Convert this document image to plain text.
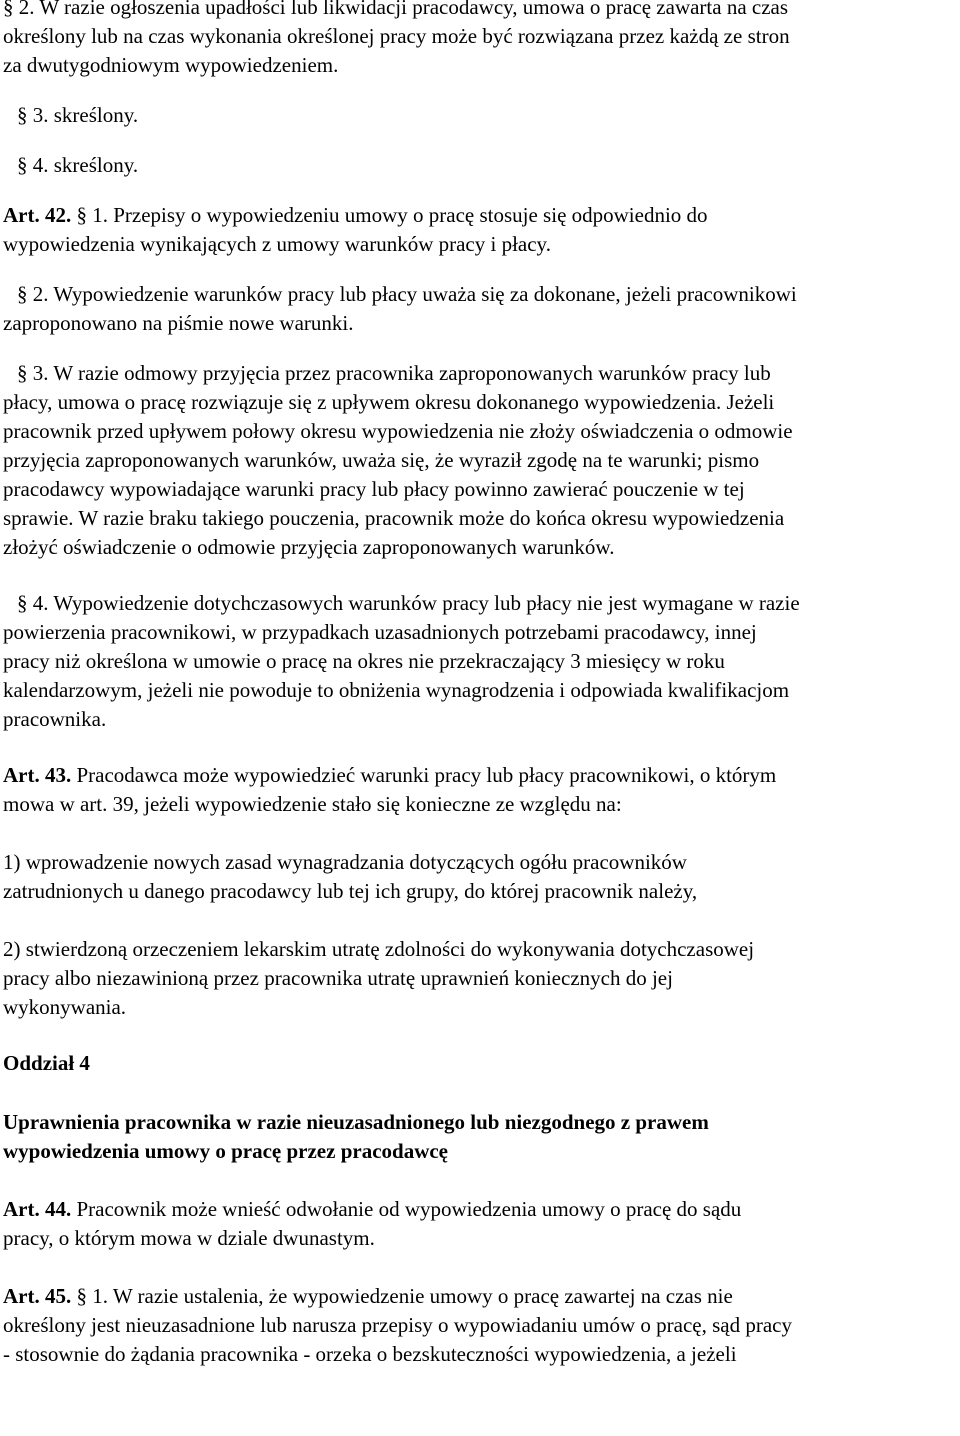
§ 2. W razie ogłoszenia upadłości lub likwidacji pracodawcy, umowa o pracę zawarta na czas
określony lub na czas wykonania określonej pracy może być rozwiązana przez każdą ze stron
za dwutygodniowym wypowiedzeniem.

§ 3. skreślony.

§ 4. skreślony.

Art. 42. § 1. Przepisy o wypowiedzeniu umowy o pracę stosuje się odpowiednio do
wypowiedzenia wynikających z umowy warunków pracy i płacy.

§ 2. Wypowiedzenie warunków pracy lub płacy uważa się za dokonane, jeżeli pracownikowi
zaproponowano na piśmie nowe warunki.

§ 3. W razie odmowy przyjęcia przez pracownika zaproponowanych warunków pracy lub
płacy, umowa o pracę rozwiązuje się z upływem okresu dokonanego wypowiedzenia. Jeżeli
pracownik przed upływem połowy okresu wypowiedzenia nie złoży oświadczenia o odmowie
przyjęcia zaproponowanych warunków, uważa się, że wyraził zgodę na te warunki; pismo
pracodawcy wypowiadające warunki pracy lub płacy powinno zawierać pouczenie w tej
sprawie. W razie braku takiego pouczenia, pracownik może do końca okresu wypowiedzenia
złożyć oświadczenie o odmowie przyjęcia zaproponowanych warunków.

§ 4. Wypowiedzenie dotychczasowych warunków pracy lub płacy nie jest wymagane w razie
powierzenia pracownikowi, w przypadkach uzasadnionych potrzebami pracodawcy, innej
pracy niż określona w umowie o pracę na okres nie przekraczający 3 miesięcy w roku
kalendarzowym, jeżeli nie powoduje to obniżenia wynagrodzenia i odpowiada kwalifikacjom
pracownika.

Art. 43. Pracodawca może wypowiedzieć warunki pracy lub płacy pracownikowi, o którym
mowa w art. 39, jeżeli wypowiedzenie stało się konieczne ze względu na:

1) wprowadzenie nowych zasad wynagradzania dotyczących ogółu pracowników
zatrudnionych u danego pracodawcy lub tej ich grupy, do której pracownik należy,

2) stwierdzoną orzeczeniem lekarskim utratę zdolności do wykonywania dotychczasowej
pracy albo niezawinioną przez pracownika utratę uprawnień koniecznych do jej
wykonywania.

Oddział 4

Uprawnienia pracownika w razie nieuzasadnionego lub niezgodnego z prawem
wypowiedzenia umowy o pracę przez pracodawcę

Art. 44. Pracownik może wnieść odwołanie od wypowiedzenia umowy o pracę do sądu
pracy, o którym mowa w dziale dwunastym.

Art. 45. § 1. W razie ustalenia, że wypowiedzenie umowy o pracę zawartej na czas nie
określony jest nieuzasadnione lub narusza przepisy o wypowiadaniu umów o pracę, sąd pracy
- stosownie do żądania pracownika - orzeka o bezskuteczności wypowiedzenia, a jeżeli
